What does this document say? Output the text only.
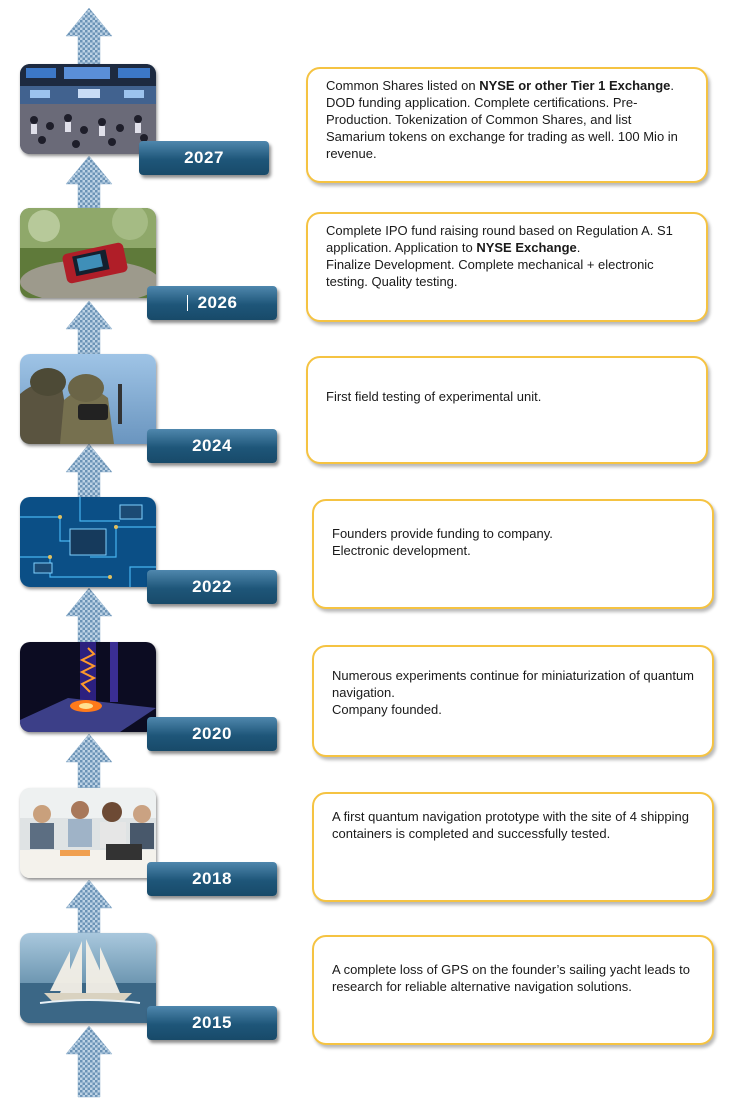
2027

Common Shares listed on NYSE or other Tier 1 Exchange. DOD funding application. Complete certifications. Pre-Production. Tokenization of Common Shares, and list Samarium tokens on exchange for trading as well. 100 Mio in revenue.

2026

Complete IPO fund raising round based on Regulation A. S1 application. Application to NYSE Exchange.

Finalize Development. Complete mechanical + electronic testing. Quality testing.

2024

First field testing of experimental unit.

2022

Founders provide funding to company.

Electronic development.

2020

Numerous experiments continue for miniaturization of quantum navigation.

Company founded.

2018

A first quantum navigation prototype with the site of 4 shipping containers is completed and successfully tested.

2015

A complete loss of GPS on the founder’s sailing yacht leads to research for reliable alternative navigation solutions.
